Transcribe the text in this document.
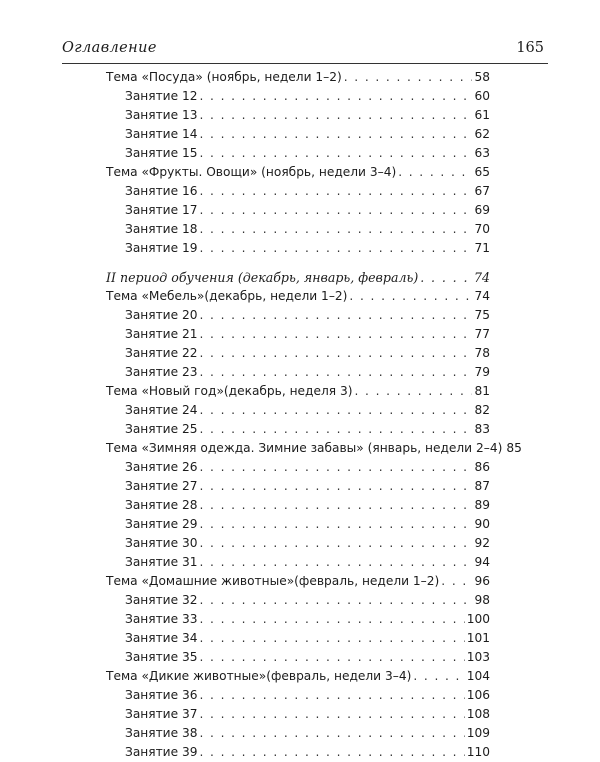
Оглавление	165
Тема «Посуда» (ноябрь, недели 1–2) . . .	58
Занятие 12 . . .	60
Занятие 13 . . .	61
Занятие 14 . . .	62
Занятие 15 . . .	63
Тема «Фрукты. Овощи» (ноябрь, недели 3–4) . . .	65
Занятие 16 . . .	67
Занятие 17 . . .	69
Занятие 18 . . .	70
Занятие 19 . . .	71
II период обучения (декабрь, январь, февраль) . . .	74
Тема «Мебель»(декабрь, недели 1–2) . . .	74
Занятие 20 . . .	75
Занятие 21 . . .	77
Занятие 22 . . .	78
Занятие 23 . . .	79
Тема «Новый год»(декабрь, неделя 3) . . .	81
Занятие 24 . . .	82
Занятие 25 . . .	83
Тема «Зимняя одежда. Зимние забавы» (январь, недели 2–4) 85
Занятие 26 . . .	86
Занятие 27 . . .	87
Занятие 28 . . .	89
Занятие 29 . . .	90
Занятие 30 . . .	92
Занятие 31 . . .	94
Тема «Домашние животные»(февраль, недели 1–2) . . .	96
Занятие 32 . . .	98
Занятие 33 . . .	100
Занятие 34 . . .	101
Занятие 35 . . .	103
Тема «Дикие животные»(февраль, недели 3–4) . . .	104
Занятие 36 . . .	106
Занятие 37 . . .	108
Занятие 38 . . .	109
Занятие 39 . . .	110
